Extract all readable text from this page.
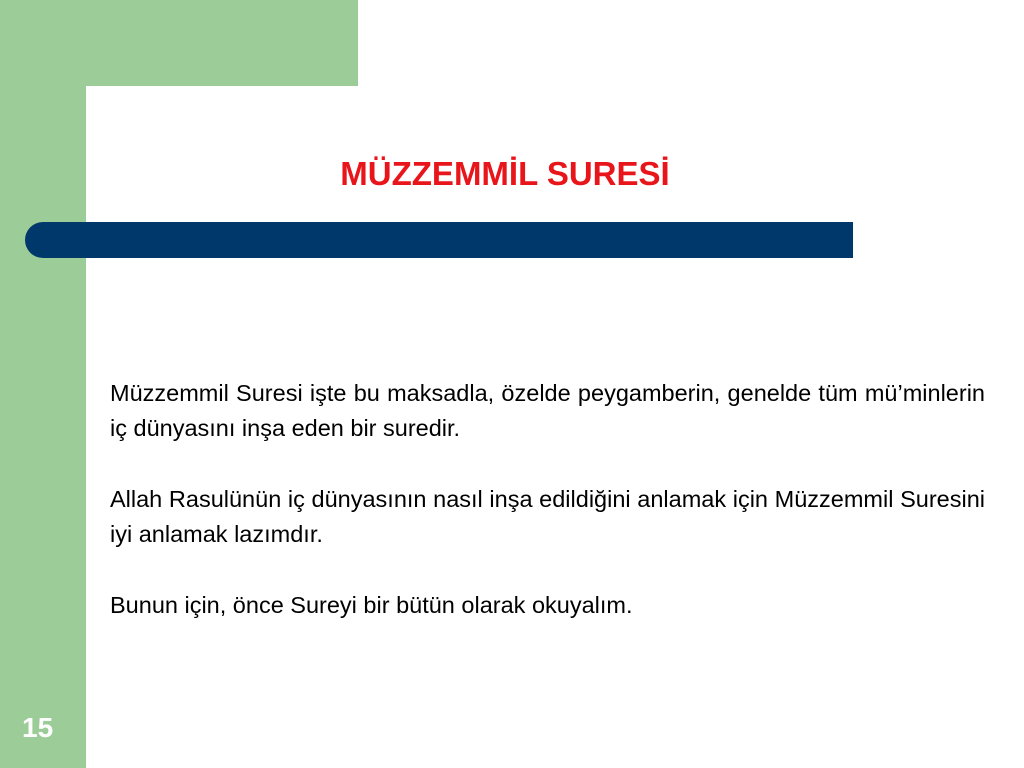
MÜZZEMMİL SURESİ

Müzzemmil Suresi işte bu maksadla, özelde peygamberin, genelde tüm mü’minlerin iç dünyasını inşa eden bir suredir.

Allah Rasulünün iç dünyasının nasıl inşa edildiğini anlamak için Müzzemmil Suresini iyi anlamak lazımdır.

Bunun için, önce Sureyi bir bütün olarak okuyalım.

15
